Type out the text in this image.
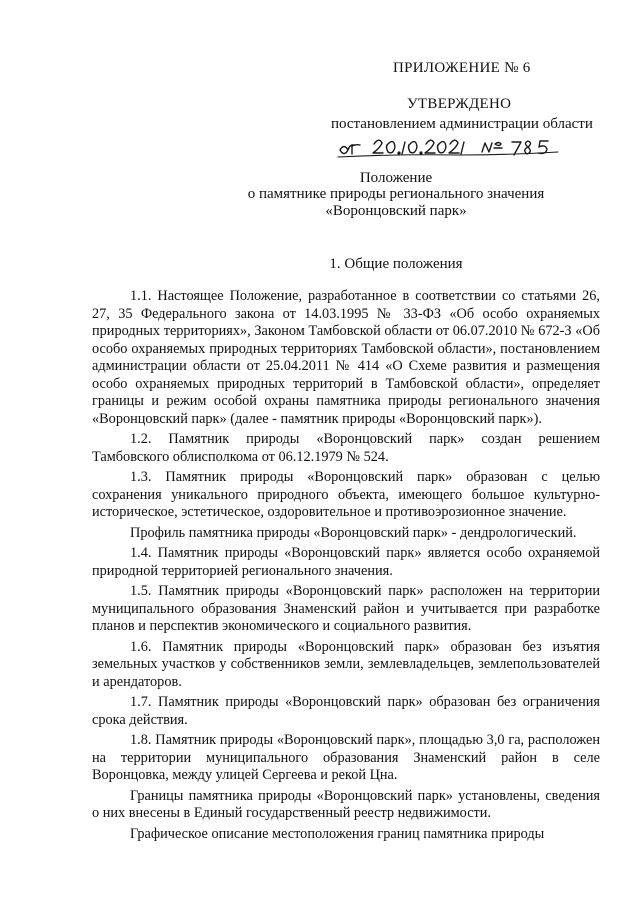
ПРИЛОЖЕНИЕ № 6
УТВЕРЖДЕНО
постановлением администрации области
Положение
о памятнике природы регионального значения
«Воронцовский парк»
1. Общие положения

1.1. Настоящее Положение, разработанное в соответствии со статьями 26, 27, 35 Федерального закона от 14.03.1995 № 33-ФЗ «Об особо охраняемых природных территориях», Законом Тамбовской области от 06.07.2010 № 672-З «Об особо охраняемых природных территориях Тамбовской области», постановлением администрации области от 25.04.2011 № 414 «О Схеме развития и размещения особо охраняемых природных территорий в Тамбовской области», определяет границы и режим особой охраны памятника природы регионального значения «Воронцовский парк» (далее - памятник природы «Воронцовский парк»).

1.2. Памятник природы «Воронцовский парк» создан решением Тамбовского облисполкома от 06.12.1979 № 524.

1.3. Памятник природы «Воронцовский парк» образован с целью сохранения уникального природного объекта, имеющего большое культурно-историческое, эстетическое, оздоровительное и противоэрозионное значение.

Профиль памятника природы «Воронцовский парк» - дендрологический.

1.4. Памятник природы «Воронцовский парк» является особо охраняемой природной территорией регионального значения.

1.5. Памятник природы «Воронцовский парк» расположен на территории муниципального образования Знаменский район и учитывается при разработке планов и перспектив экономического и социального развития.

1.6. Памятник природы «Воронцовский парк» образован без изъятия земельных участков у собственников земли, землевладельцев, землепользователей и арендаторов.

1.7. Памятник природы «Воронцовский парк» образован без ограничения срока действия.

1.8. Памятник природы «Воронцовский парк», площадью 3,0 га, расположен на территории муниципального образования Знаменский район в селе Воронцовка, между улицей Сергеева и рекой Цна.

Границы памятника природы «Воронцовский парк» установлены, сведения о них внесены в Единый государственный реестр недвижимости.

Графическое описание местоположения границ памятника природы
